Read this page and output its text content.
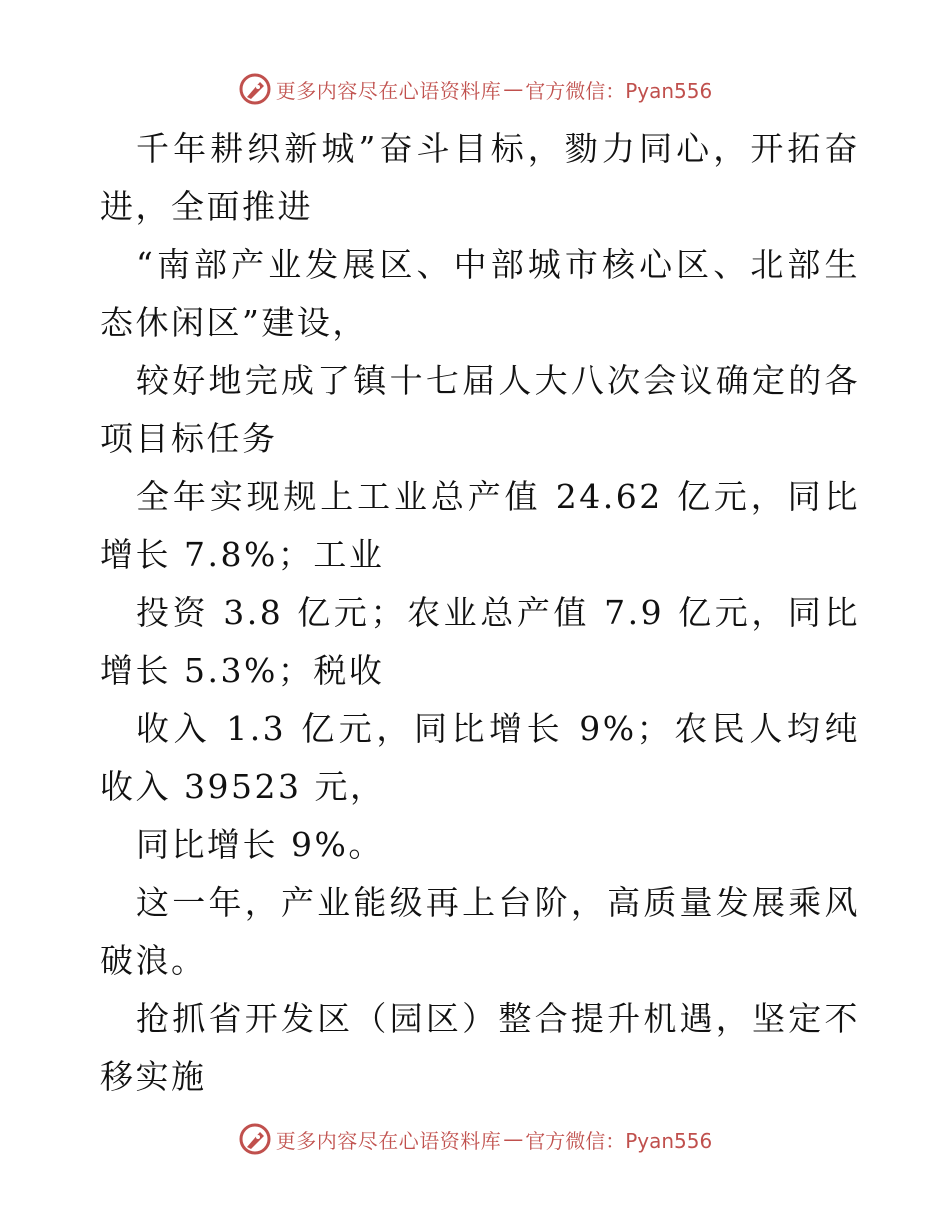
更多内容尽在心语资料库 — 官方微信：Pyan556

千年耕织新城”奋斗目标，勠力同心，开拓奋进，全面推进

“南部产业发展区、中部城市核心区、北部生态休闲区”建设，

较好地完成了镇十七届人大八次会议确定的各项目标任务

全年实现规上工业总产值 24.62 亿元，同比增长 7.8%；工业

投资 3.8 亿元；农业总产值 7.9 亿元，同比增长 5.3%；税收

收入 1.3 亿元，同比增长 9%；农民人均纯收入 39523 元，

同比增长 9%。

这一年，产业能级再上台阶，高质量发展乘风破浪。

抢抓省开发区（园区）整合提升机遇，坚定不移实施

更多内容尽在心语资料库 — 官方微信：Pyan556
